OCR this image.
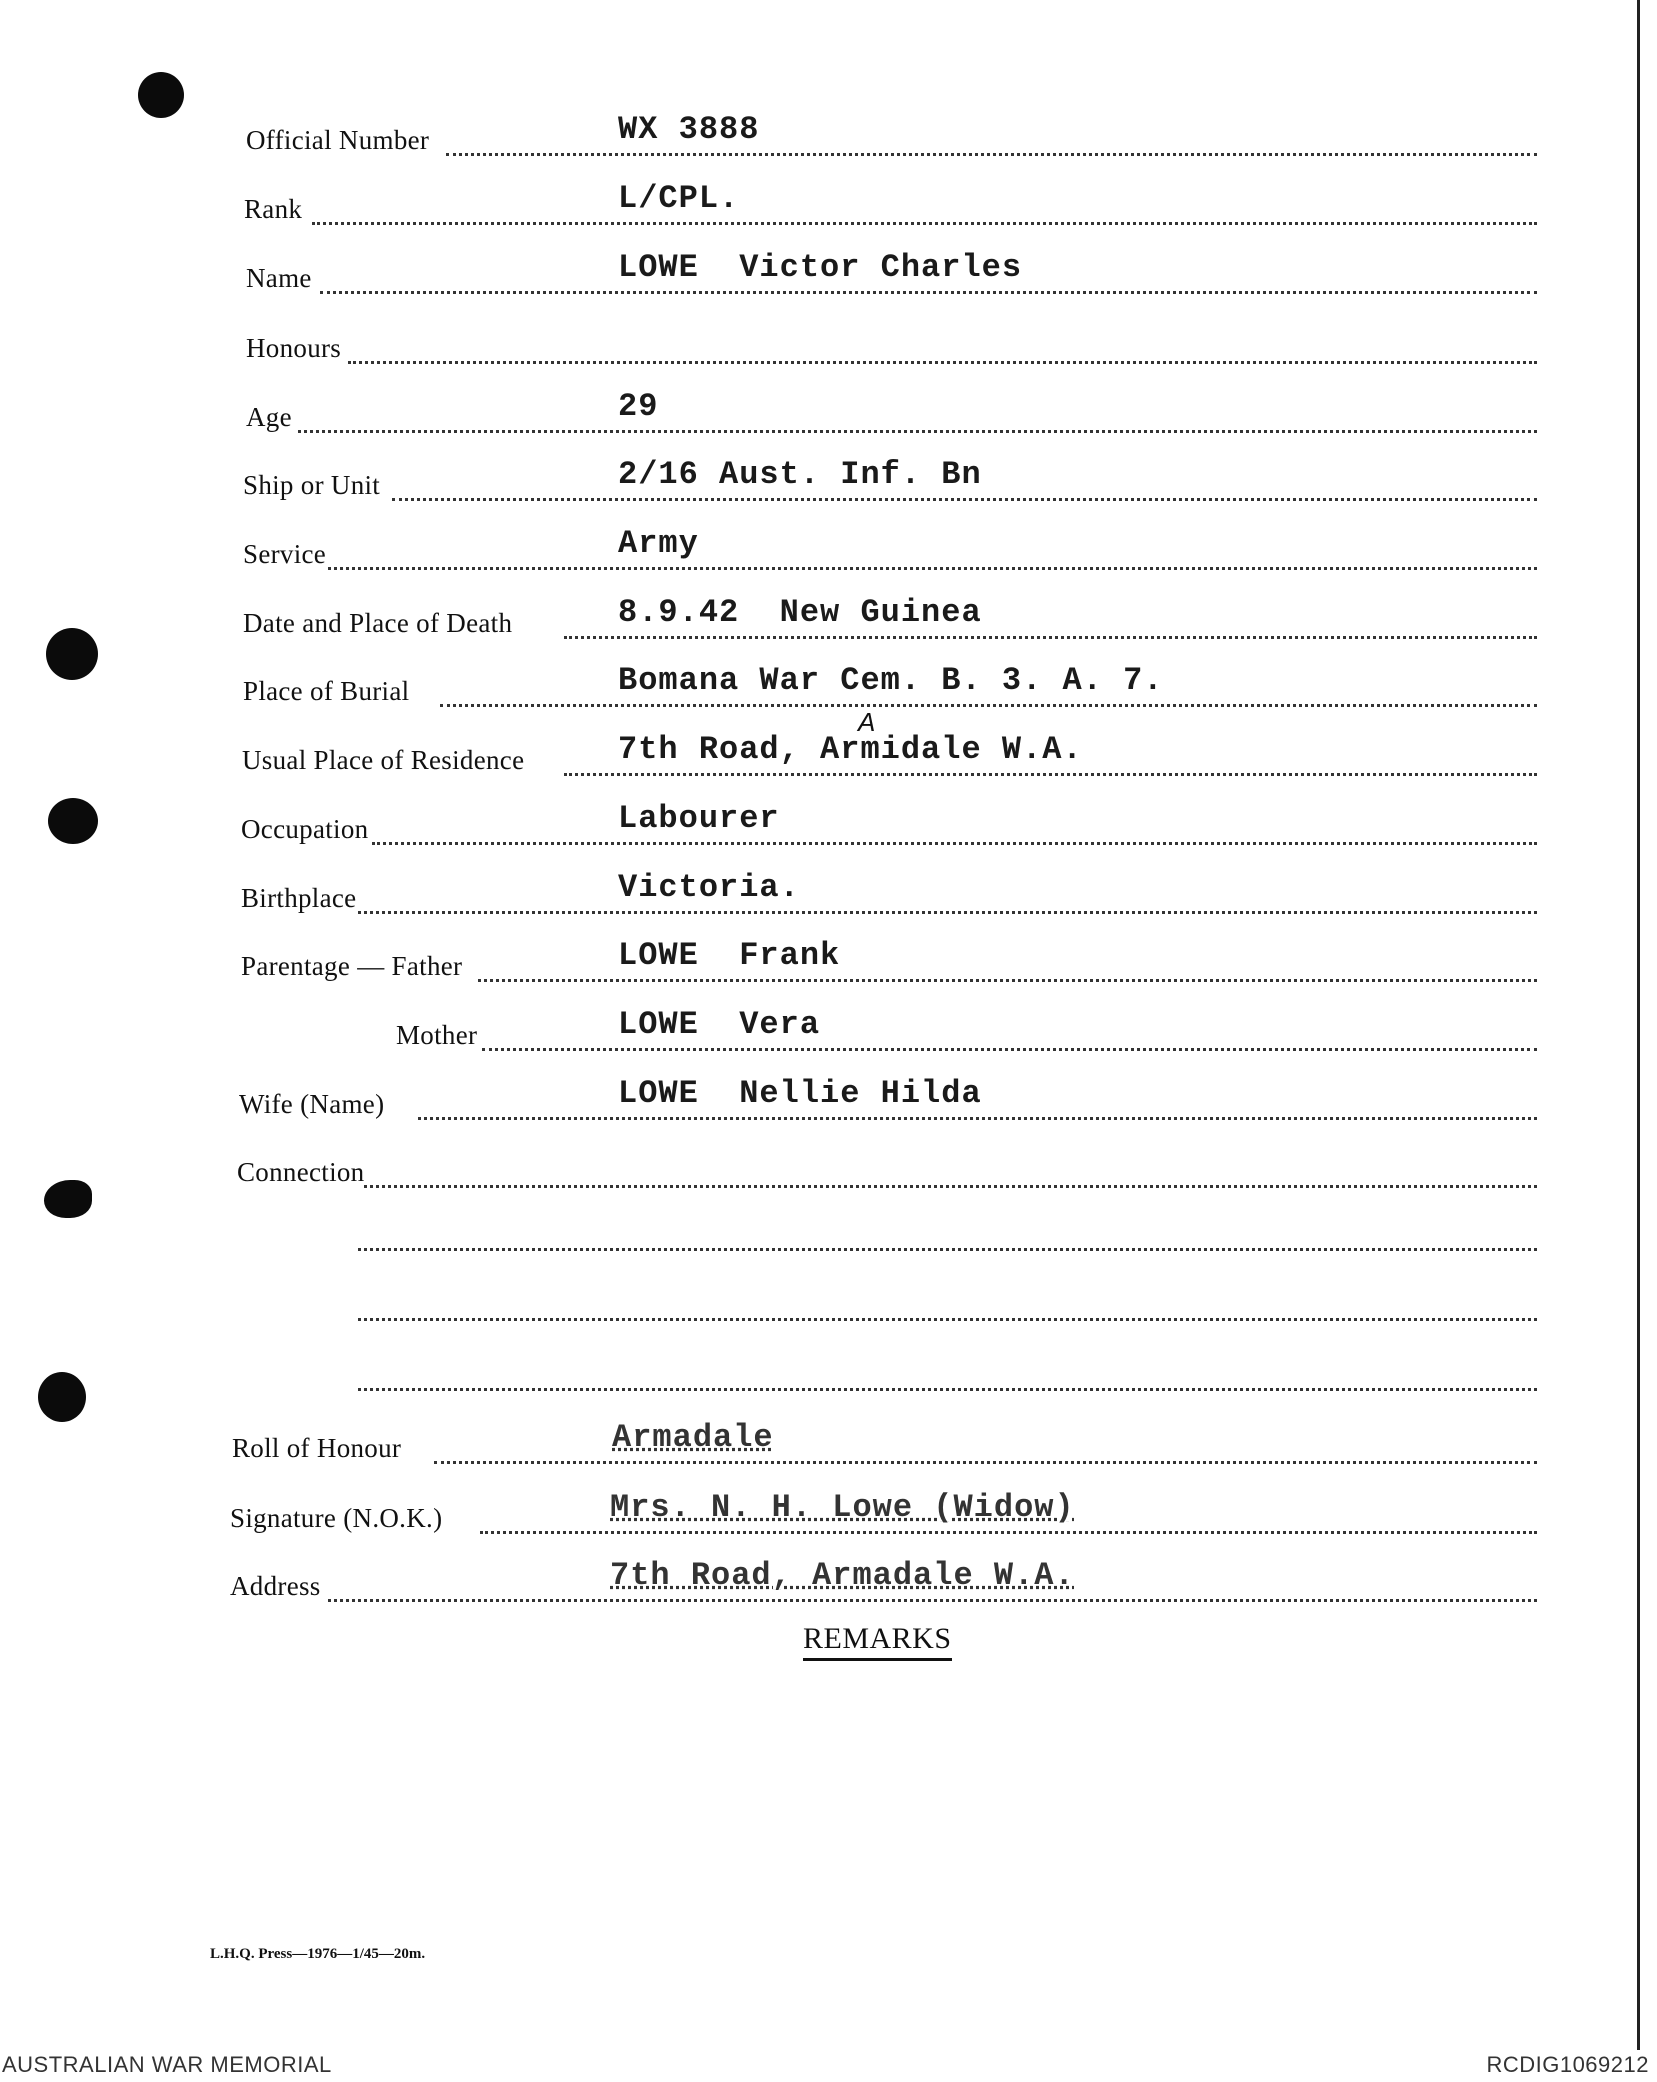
Official Number	WX 3888
Rank	L/CPL.
Name	LOWE  Victor Charles
Honours
Age	29
Ship or Unit	2/16 Aust. Inf. Bn
Service	Army
Date and Place of Death	8.9.42  New Guinea
Place of Burial	Bomana War Cem. B. 3. A. 7.
A
Usual Place of Residence	7th Road, Armidale W.A.
Occupation	Labourer
Birthplace	Victoria.
Parentage — Father	LOWE  Frank
Mother	LOWE  Vera
Wife (Name)	LOWE  Nellie Hilda
Connection
Roll of Honour	Armadale
Signature (N.O.K.)	Mrs. N. H. Lowe (Widow)
Address	7th Road, Armadale W.A.
REMARKS
L.H.Q. Press—1976—1/45—20m.
AUSTRALIAN WAR MEMORIAL	RCDIG1069212
